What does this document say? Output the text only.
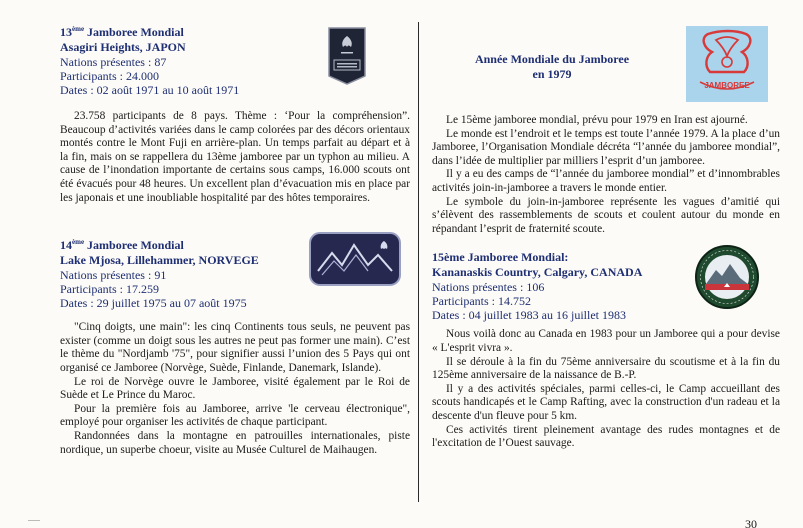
13ème Jamboree Mondial
Asagiri Heights, JAPON
Nations présentes : 87
Participants : 24.000
Dates : 02 août 1971 au 10 août 1971

23.758 participants de 8 pays. Thème : ‘Pour la compréhension”. Beaucoup d’activités variées dans le camp colorées par des décors orientaux montés contre le Mont Fuji en arrière-plan. Un temps parfait au départ et à la fin, mais on se rappellera du 13ème jamboree par un typhon au milieu. A cause de l’inondation importante de certains sous camps, 16.000 scouts ont été évacués pour 48 heures. Un excellent plan d’évacuation mis en place par les japonais et une inoubliable hospitalité par des hôtes temporaires.

14ème Jamboree Mondial
Lake Mjosa, Lillehammer, NORVEGE
Nations présentes : 91
Participants : 17.259
Dates : 29 juillet 1975 au 07 août 1975

"Cinq doigts, une main": les cinq Continents tous seuls, ne peuvent pas exister (comme un doigt sous les autres ne peut pas former une main). C’est le thème du "Nordjamb '75", pour signifier aussi l’union des 5 Pays qui ont organisé ce Jamboree (Norvège, Suède, Finlande, Danemark, Islande).

Le roi de Norvège ouvre le Jamboree, visité également par le Roi de Suède et Le Prince du Maroc.

Pour la première fois au Jamboree, arrive 'le cerveau électronique", employé pour organiser les activités de chaque participant.

Randonnées dans la montagne en patrouilles internationales, piste nordique, un superbe choeur, visite au Musée Culturel de Maihaugen.

Année Mondiale du Jamboree
en 1979
JAMBOREE

Le 15ème jamboree mondial, prévu pour 1979 en Iran est ajourné.

Le monde est l’endroit et le temps est toute l’année 1979. A la place d’un Jamboree, l’Organisation Mondiale décréta “l’année du jamboree mondial”, dans l’idée de multiplier par milliers l’esprit d’un jamboree.

Il y a eu des camps de “l’année du jamboree mondial” et d’innombrables activités join-in-jamboree a travers le monde entier.

Le symbole du join-in-jamboree représente les vagues d’amitié qui s’élèvent des rassemblements de scouts et coulent autour du monde en répandant l’esprit de fraternité scoute.

15ème Jamboree Mondial:
Kananaskis Country, Calgary, CANADA
Nations présentes : 106
Participants : 14.752
Dates : 04 juillet 1983 au 16 juillet 1983

Nous voilà donc au Canada en 1983 pour un Jamboree qui a pour devise « L'esprit vivra ».

Il se déroule à la fin du 75ème anniversaire du scoutisme et à la fin du 125ème anniversaire de la naissance de B.-P.

Il y a des activités spéciales, parmi celles-ci, le Camp accueillant des scouts handicapés et le Camp Rafting, avec la construction d'un radeau et la descente d'un fleuve pour 5 km.

Ces activités tirent pleinement avantage des rudes montagnes et de l'excitation de l’Ouest sauvage.

30
